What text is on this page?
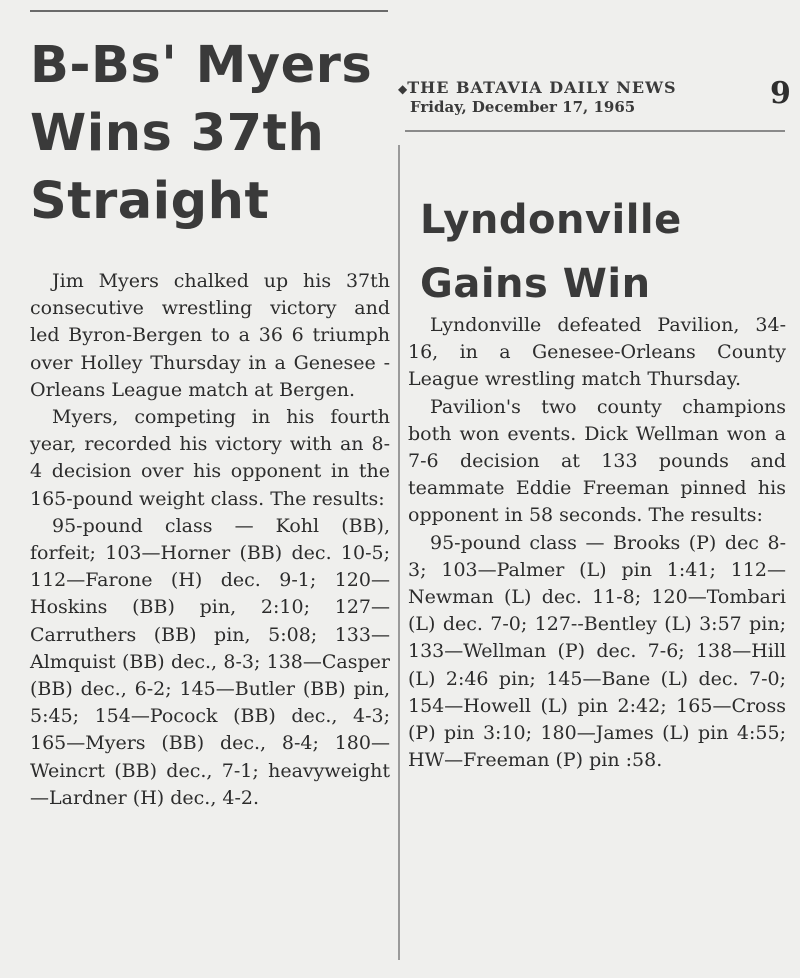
B-Bs' Myers Wins 37th Straight
◆THE BATAVIA DAILY NEWS
Friday, December 17, 1965	9
Lyndonville Gains Win

Jim Myers chalked up his 37th consecutive wrestling victory and led Byron-Bergen to a 36 6 triumph over Holley Thursday in a Genesee - Orleans League match at Bergen.

Myers, competing in his fourth year, recorded his victory with an 8-4 decision over his opponent in the 165-pound weight class. The results:

95-pound class — Kohl (BB), forfeit; 103—Horner (BB) dec. 10-5; 112—Farone (H) dec. 9-1; 120—Hoskins (BB) pin, 2:10; 127—Carruthers (BB) pin, 5:08; 133—Almquist (BB) dec., 8-3; 138—Casper (BB) dec., 6-2; 145—Butler (BB) pin, 5:45; 154—Pocock (BB) dec., 4-3; 165—Myers (BB) dec., 8-4; 180—Weincrt (BB) dec., 7-1; heavyweight—Lardner (H) dec., 4-2.

Lyndonville defeated Pavilion, 34-16, in a Genesee-Orleans County League wrestling match Thursday.

Pavilion's two county champions both won events. Dick Wellman won a 7-6 decision at 133 pounds and teammate Eddie Freeman pinned his opponent in 58 seconds. The results:

95-pound class — Brooks (P) dec 8-3; 103—Palmer (L) pin 1:41; 112—Newman (L) dec. 11-8; 120—Tombari (L) dec. 7-0; 127--Bentley (L) 3:57 pin; 133—Wellman (P) dec. 7-6; 138—Hill (L) 2:46 pin; 145—Bane (L) dec. 7-0; 154—Howell (L) pin 2:42; 165—Cross (P) pin 3:10; 180—James (L) pin 4:55; HW—Freeman (P) pin :58.
